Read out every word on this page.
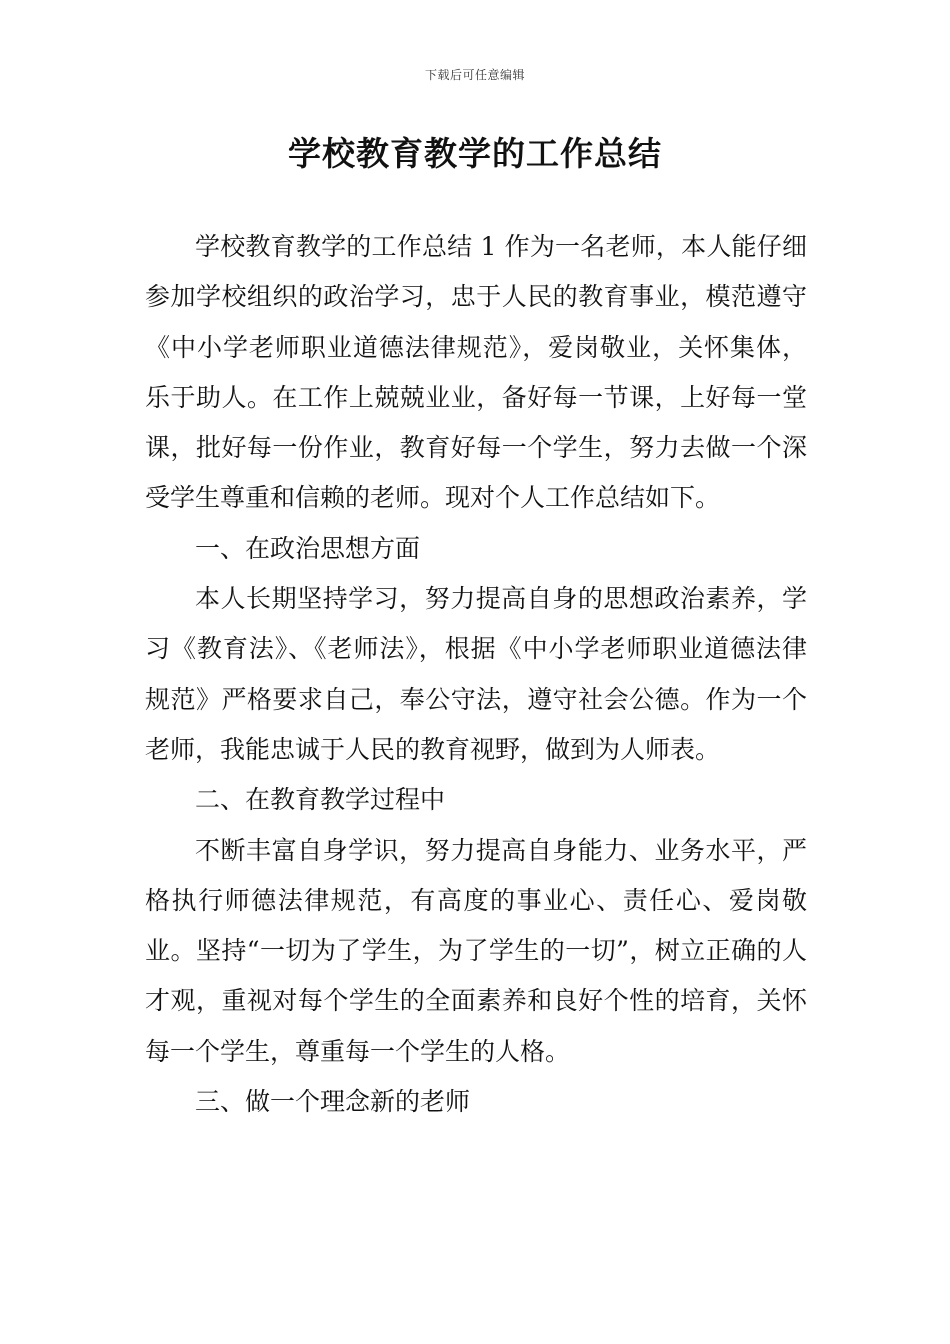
下载后可任意编辑
学校教育教学的工作总结

学校教育教学的工作总结 1 作为一名老师，本人能仔细参加学校组织的政治学习，忠于人民的教育事业，模范遵守《中小学老师职业道德法律规范》，爱岗敬业，关怀集体，乐于助人。在工作上兢兢业业，备好每一节课，上好每一堂课，批好每一份作业，教育好每一个学生，努力去做一个深受学生尊重和信赖的老师。现对个人工作总结如下。

一、在政治思想方面

本人长期坚持学习，努力提高自身的思想政治素养，学习《教育法》、《老师法》，根据《中小学老师职业道德法律规范》严格要求自己，奉公守法，遵守社会公德。作为一个老师，我能忠诚于人民的教育视野，做到为人师表。

二、在教育教学过程中

不断丰富自身学识，努力提高自身能力、业务水平，严格执行师德法律规范，有高度的事业心、责任心、爱岗敬业。坚持“一切为了学生，为了学生的一切”，树立正确的人才观，重视对每个学生的全面素养和良好个性的培育，关怀每一个学生，尊重每一个学生的人格。

三、做一个理念新的老师
